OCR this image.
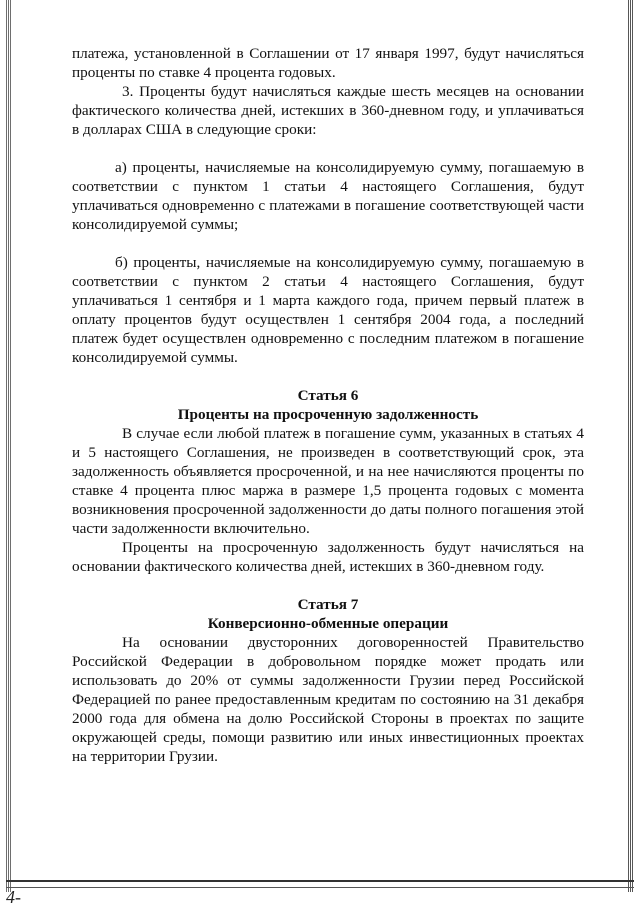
4-

платежа, установленной в Соглашении от 17 января 1997, будут начисляться проценты по ставке 4 процента годовых.

3. Проценты будут начисляться каждые шесть месяцев на основании фактического количества дней, истекших в 360-дневном году, и уплачиваться в долларах США в следующие сроки:

а) проценты, начисляемые на консолидируемую сумму, погашаемую в соответствии с пунктом 1 статьи 4 настоящего Соглашения, будут уплачиваться одновременно с платежами в погашение соответствующей части консолидируемой суммы;

б) проценты, начисляемые на консолидируемую сумму, погашаемую в соответствии с пунктом 2 статьи 4 настоящего Соглашения, будут уплачиваться 1 сентября и 1 марта каждого года, причем первый платеж в оплату процентов будут осуществлен 1 сентября 2004 года, а последний платеж будет осуществлен одновременно с последним платежом в погашение консолидируемой суммы.

Статья 6
Проценты на просроченную задолженность

В случае если любой платеж в погашение сумм, указанных в статьях 4 и 5 настоящего Соглашения, не произведен в соответствующий срок, эта задолженность объявляется просроченной, и на нее начисляются проценты по ставке 4 процента плюс маржа в размере 1,5 процента годовых с момента возникновения просроченной задолженности до даты полного погашения этой части задолженности включительно.

Проценты на просроченную задолженность будут начисляться на основании фактического количества дней, истекших в 360-дневном году.

Статья 7
Конверсионно-обменные операции

На основании двусторонних договоренностей Правительство Российской Федерации в добровольном порядке может продать или использовать до 20% от суммы задолженности Грузии перед Российской Федерацией по ранее предоставленным кредитам по состоянию на 31 декабря 2000 года для обмена на долю Российской Стороны в проектах по защите окружающей среды, помощи развитию или иных инвестиционных проектах на территории Грузии.
